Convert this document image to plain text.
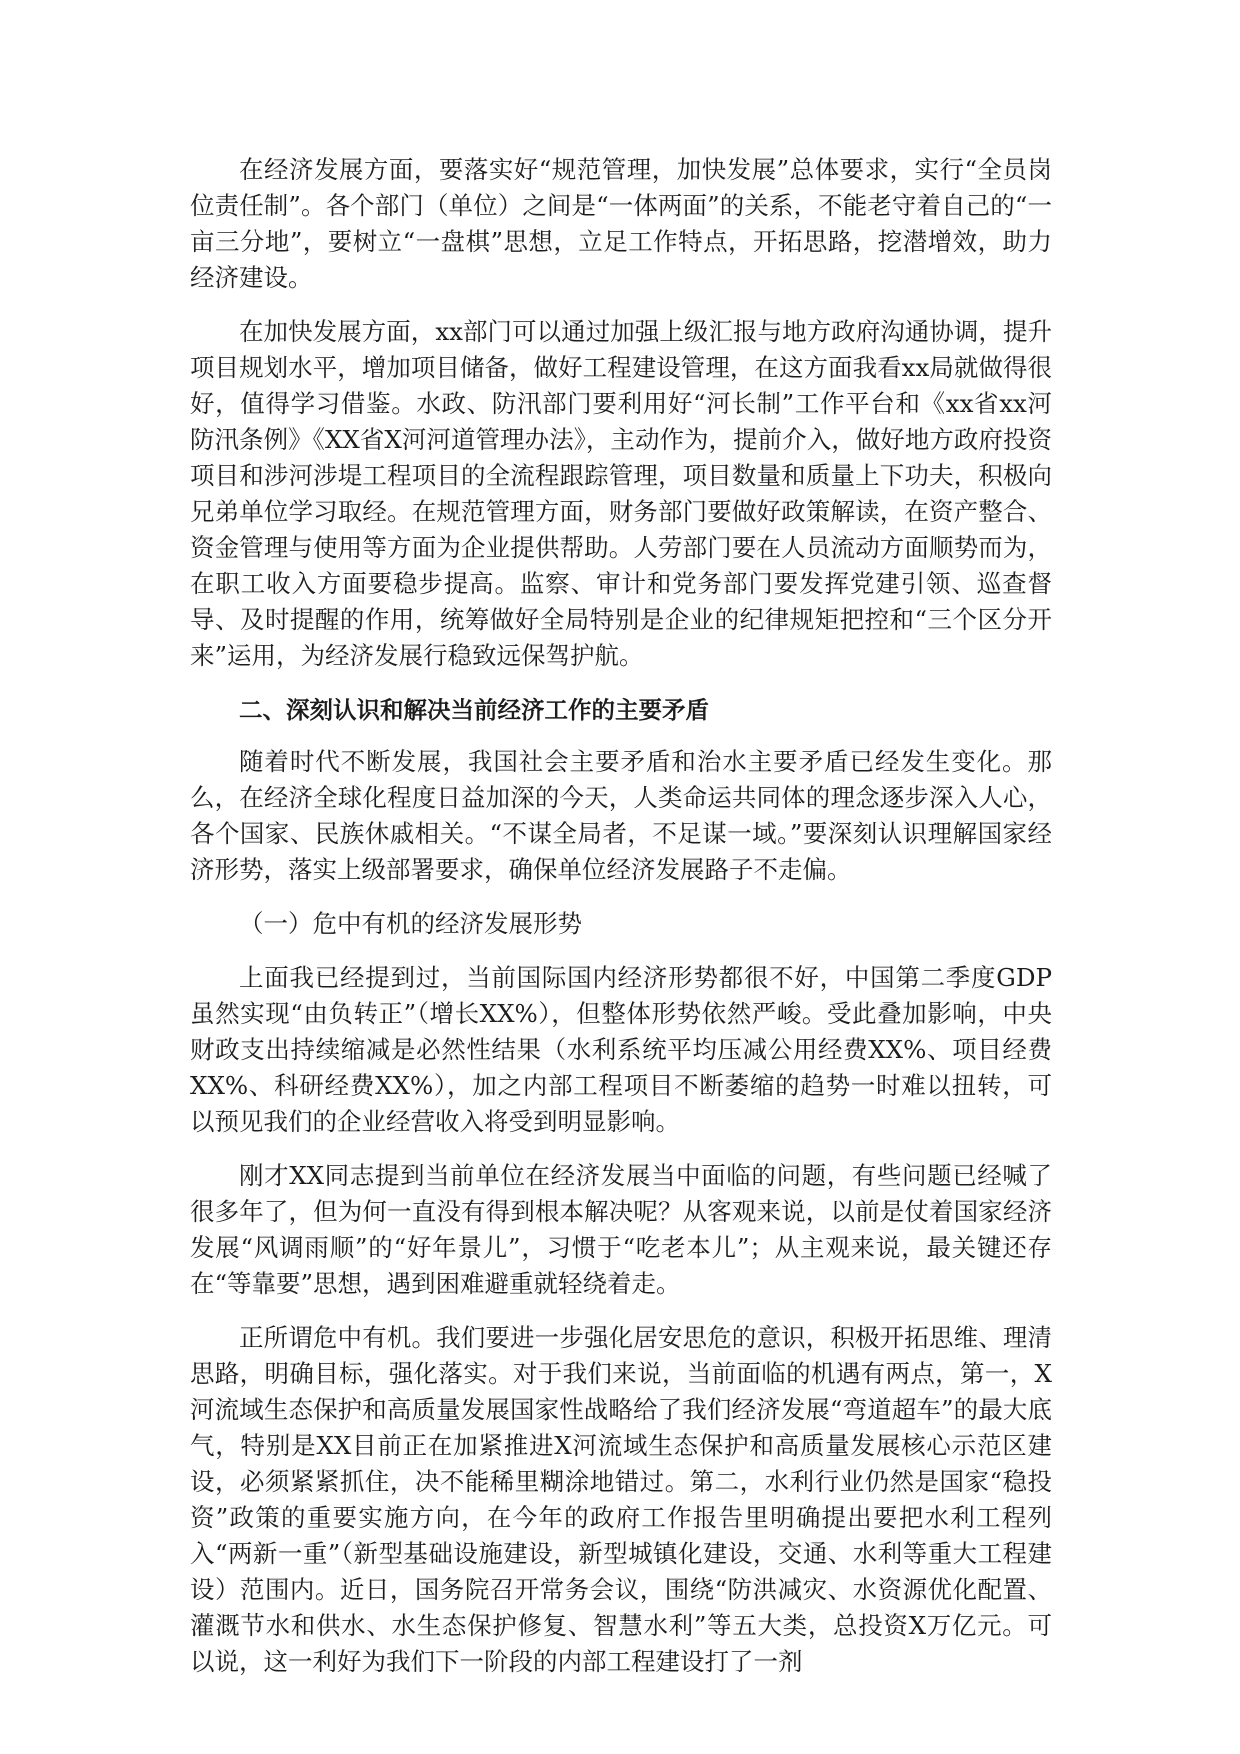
在经济发展方面，要落实好“规范管理，加快发展”总体要求，实行“全员岗位责任制”。各个部门（单位）之间是“一体两面”的关系，不能老守着自己的“一亩三分地”，要树立“一盘棋”思想，立足工作特点，开拓思路，挖潜增效，助力经济建设。

在加快发展方面，xx部门可以通过加强上级汇报与地方政府沟通协调，提升项目规划水平，增加项目储备，做好工程建设管理，在这方面我看xx局就做得很好，值得学习借鉴。水政、防汛部门要利用好“河长制”工作平台和《xx省xx河防汛条例》《XX省X河河道管理办法》，主动作为，提前介入，做好地方政府投资项目和涉河涉堤工程项目的全流程跟踪管理，项目数量和质量上下功夫，积极向兄弟单位学习取经。在规范管理方面，财务部门要做好政策解读，在资产整合、资金管理与使用等方面为企业提供帮助。人劳部门要在人员流动方面顺势而为，在职工收入方面要稳步提高。监察、审计和党务部门要发挥党建引领、巡查督导、及时提醒的作用，统筹做好全局特别是企业的纪律规矩把控和“三个区分开来”运用，为经济发展行稳致远保驾护航。

二、深刻认识和解决当前经济工作的主要矛盾

随着时代不断发展，我国社会主要矛盾和治水主要矛盾已经发生变化。那么，在经济全球化程度日益加深的今天，人类命运共同体的理念逐步深入人心，各个国家、民族休戚相关。“不谋全局者，不足谋一域。”要深刻认识理解国家经济形势，落实上级部署要求，确保单位经济发展路子不走偏。

（一）危中有机的经济发展形势

上面我已经提到过，当前国际国内经济形势都很不好，中国第二季度GDP虽然实现“由负转正”（增长XX%），但整体形势依然严峻。受此叠加影响，中央财政支出持续缩减是必然性结果（水利系统平均压减公用经费XX%、项目经费XX%、科研经费XX%），加之内部工程项目不断萎缩的趋势一时难以扭转，可以预见我们的企业经营收入将受到明显影响。

刚才XX同志提到当前单位在经济发展当中面临的问题，有些问题已经喊了很多年了，但为何一直没有得到根本解决呢？从客观来说，以前是仗着国家经济发展“风调雨顺”的“好年景儿”，习惯于“吃老本儿”；从主观来说，最关键还存在“等靠要”思想，遇到困难避重就轻绕着走。

正所谓危中有机。我们要进一步强化居安思危的意识，积极开拓思维、理清思路，明确目标，强化落实。对于我们来说，当前面临的机遇有两点，第一，X河流域生态保护和高质量发展国家性战略给了我们经济发展“弯道超车”的最大底气，特别是XX目前正在加紧推进X河流域生态保护和高质量发展核心示范区建设，必须紧紧抓住，决不能稀里糊涂地错过。第二，水利行业仍然是国家“稳投资”政策的重要实施方向，在今年的政府工作报告里明确提出要把水利工程列入“两新一重”（新型基础设施建设，新型城镇化建设，交通、水利等重大工程建设）范围内。近日，国务院召开常务会议，围绕“防洪减灾、水资源优化配置、灌溉节水和供水、水生态保护修复、智慧水利”等五大类，总投资X万亿元。可以说，这一利好为我们下一阶段的内部工程建设打了一剂
